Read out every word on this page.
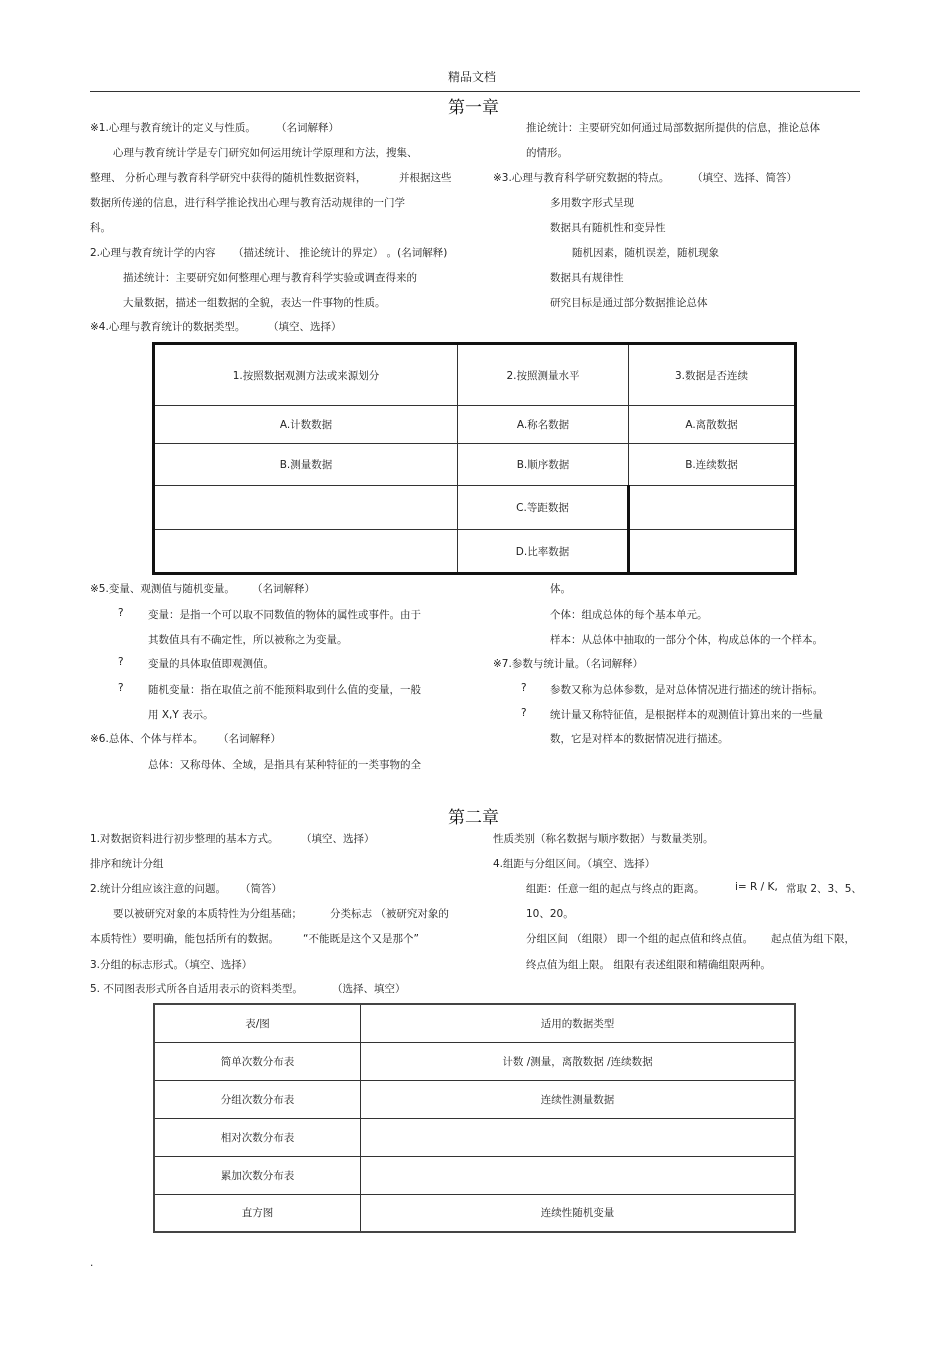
精品文档
第一章
※1.心理与教育统计的定义与性质。 （名词解释）
心理与教育统计学是专门研究如何运用统计学原理和方法，搜集、
整理、 分析心理与教育科学研究中获得的随机性数据资料，	并根据这些
数据所传递的信息，进行科学推论找出心理与教育活动规律的一门学
科。
2.心理与教育统计学的内容 （描述统计、 推论统计的界定） 。(名词解释)
描述统计：主要研究如何整理心理与教育科学实验或调查得来的
大量数据，描述一组数据的全貌，表达一件事物的性质。
※4.心理与教育统计的数据类型。 （填空、选择）
推论统计：主要研究如何通过局部数据所提供的信息，推论总体
的情形。
※3.心理与教育科学研究数据的特点。 （填空、选择、简答）
多用数字形式呈现
数据具有随机性和变异性
随机因素，随机误差，随机现象
数据具有规律性
研究目标是通过部分数据推论总体
1.按照数据观测方法或来源划分	2.按照测量水平	3.数据是否连续
A.计数数据	A.称名数据	A.离散数据
B.测量数据	B.顺序数据	B.连续数据
	C.等距数据	
	D.比率数据	
※5.变量、观测值与随机变量。 （名词解释）
? 变量：是指一个可以取不同数值的物体的属性或事件。由于
其数值具有不确定性，所以被称之为变量。
? 变量的具体取值即观测值。
? 随机变量：指在取值之前不能预料取到什么值的变量，一般
用 X,Y 表示。
※6.总体、个体与样本。 （名词解释）
总体：又称母体、全域，是指具有某种特征的一类事物的全
体。
个体：组成总体的每个基本单元。
样本：从总体中抽取的一部分个体，构成总体的一个样本。
※7.参数与统计量。（名词解释）
? 参数又称为总体参数，是对总体情况进行描述的统计指标。
? 统计量又称特征值，是根据样本的观测值计算出来的一些量
数，它是对样本的数据情况进行描述。
第二章
1.对数据资料进行初步整理的基本方式。 （填空、选择）
排序和统计分组
2.统计分组应该注意的问题。 （简答）
要以被研究对象的本质特性为分组基础；	分类标志 （被研究对象的
本质特性）要明确，能包括所有的数据。 “不能既是这个又是那个”
3.分组的标志形式。（填空、选择）
5. 不同图表形式所各自适用表示的资料类型。	（选择、填空）
性质类别（称名数据与顺序数据）与数量类别。
4.组距与分组区间。（填空、选择）
组距：任意一组的起点与终点的距离。	i= R / K, 常取 2、3、5、
10、20。
分组区间 （组限） 即一个组的起点值和终点值。 起点值为组下限，
终点值为组上限。 组限有表述组限和精确组限两种。
表/图	适用的数据类型
简单次数分布表	计数 /测量，离散数据 /连续数据
分组次数分布表	连续性测量数据
相对次数分布表	
累加次数分布表	
直方图	连续性随机变量
.
